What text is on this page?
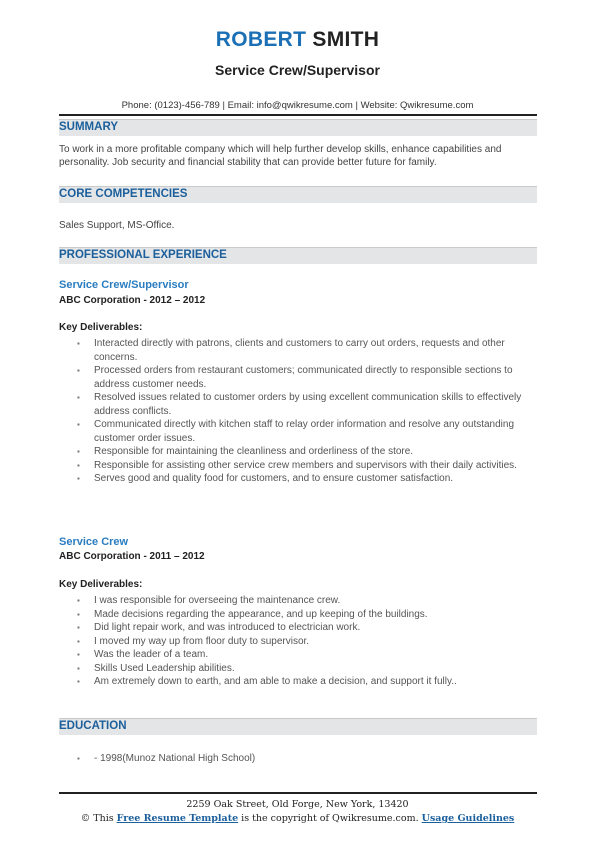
ROBERT SMITH
Service Crew/Supervisor
Phone: (0123)-456-789 | Email: info@qwikresume.com | Website: Qwikresume.com
SUMMARY
To work in a more profitable company which will help further develop skills, enhance capabilities and personality. Job security and financial stability that can provide better future for family.
CORE COMPETENCIES
Sales Support, MS-Office.
PROFESSIONAL EXPERIENCE
Service Crew/Supervisor
ABC Corporation - 2012 – 2012
Key Deliverables:
▪ Interacted directly with patrons, clients and customers to carry out orders, requests and other concerns.
▪ Processed orders from restaurant customers; communicated directly to responsible sections to address customer needs.
▪ Resolved issues related to customer orders by using excellent communication skills to effectively address conflicts.
▪ Communicated directly with kitchen staff to relay order information and resolve any outstanding customer order issues.
▪ Responsible for maintaining the cleanliness and orderliness of the store.
▪ Responsible for assisting other service crew members and supervisors with their daily activities.
▪ Serves good and quality food for customers, and to ensure customer satisfaction.
Service Crew
ABC Corporation - 2011 – 2012
Key Deliverables:
▪ I was responsible for overseeing the maintenance crew.
▪ Made decisions regarding the appearance, and up keeping of the buildings.
▪ Did light repair work, and was introduced to electrician work.
▪ I moved my way up from floor duty to supervisor.
▪ Was the leader of a team.
▪ Skills Used Leadership abilities.
▪ Am extremely down to earth, and am able to make a decision, and support it fully..
EDUCATION
▪ - 1998(Munoz National High School)
2259 Oak Street, Old Forge, New York, 13420
© This Free Resume Template is the copyright of Qwikresume.com. Usage Guidelines
